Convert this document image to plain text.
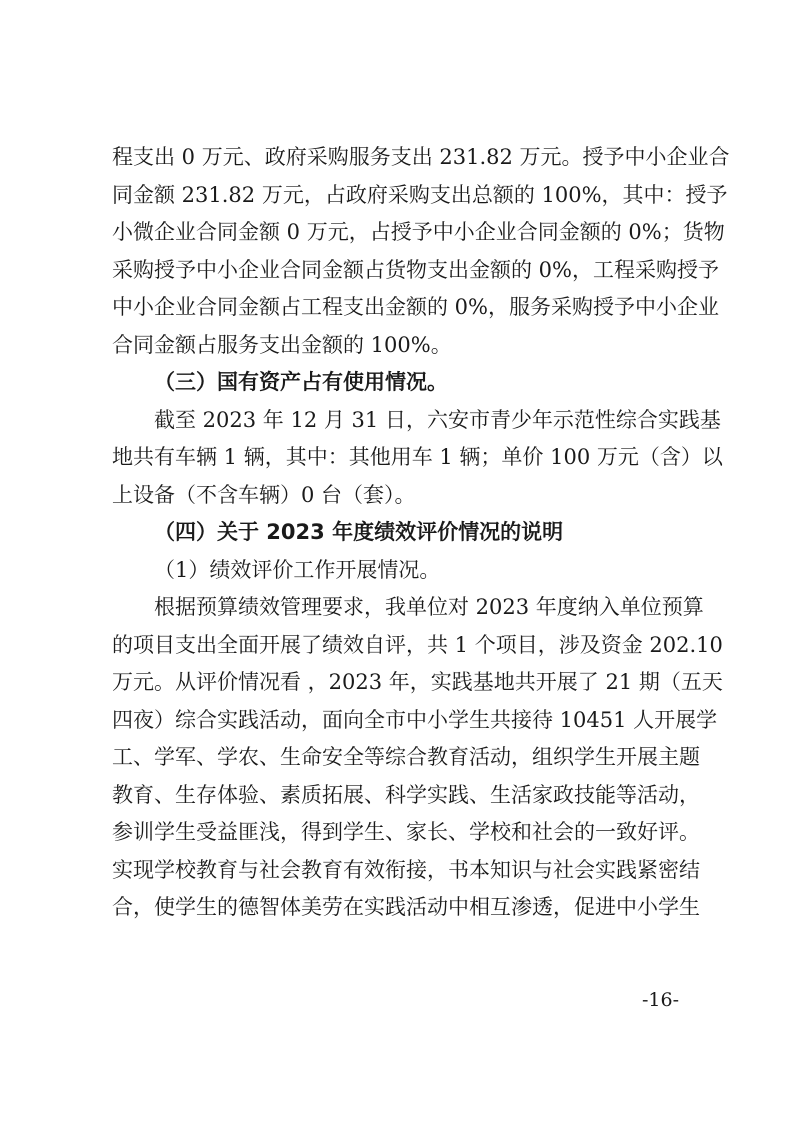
程支出 0 万元、政府采购服务支出 231.82 万元。授予中小企业合
同金额 231.82 万元，占政府采购支出总额的 100%，其中：授予
小微企业合同金额 0 万元，占授予中小企业合同金额的 0%；货物
采购授予中小企业合同金额占货物支出金额的 0%，工程采购授予
中小企业合同金额占工程支出金额的 0%，服务采购授予中小企业
合同金额占服务支出金额的 100%。
（三）国有资产占有使用情况。
截至 2023 年 12 月 31 日，六安市青少年示范性综合实践基
地共有车辆 1 辆，其中：其他用车 1 辆；单价 100 万元（含）以
上设备（不含车辆）0 台（套）。
（四）关于 2023 年度绩效评价情况的说明
（1）绩效评价工作开展情况。
根据预算绩效管理要求，我单位对 2023 年度纳入单位预算
的项目支出全面开展了绩效自评，共 1 个项目，涉及资金 202.10
万元。从评价情况看 ，2023 年，实践基地共开展了 21 期（五天
四夜）综合实践活动，面向全市中小学生共接待 10451 人开展学
工、学军、学农、生命安全等综合教育活动，组织学生开展主题
教育、生存体验、素质拓展、科学实践、生活家政技能等活动，
参训学生受益匪浅，得到学生、家长、学校和社会的一致好评。
实现学校教育与社会教育有效衔接，书本知识与社会实践紧密结
合，使学生的德智体美劳在实践活动中相互渗透，促进中小学生
-16-
